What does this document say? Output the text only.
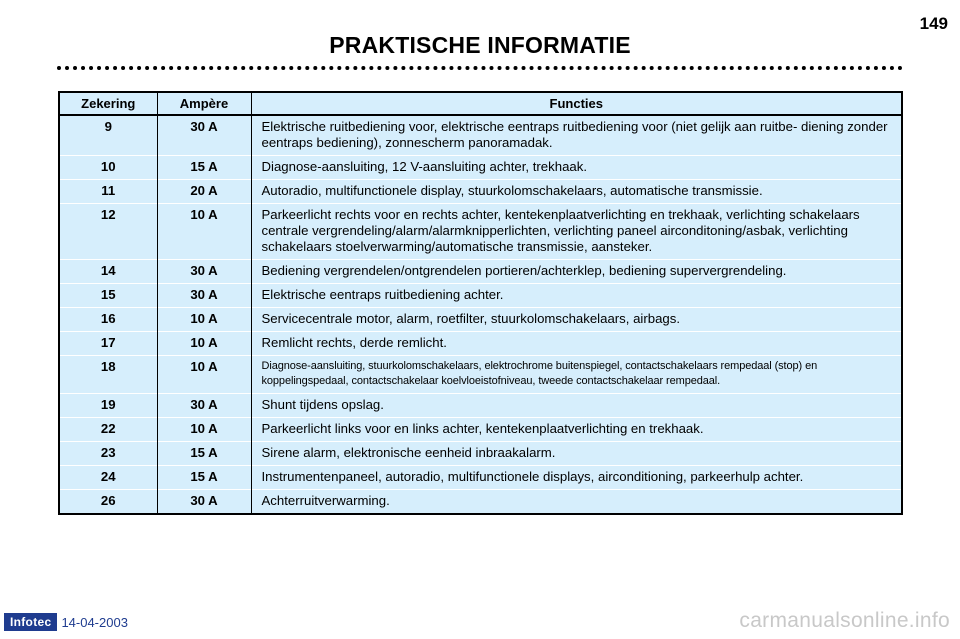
149
PRAKTISCHE INFORMATIE
Zekering	Ampère	Functies
9	30 A	Elektrische ruitbediening voor, elektrische eentraps ruitbediening voor (niet gelijk aan ruitbe- diening zonder eentraps bediening), zonnescherm panoramadak.
10	15 A	Diagnose-aansluiting, 12 V-aansluiting achter, trekhaak.
11	20 A	Autoradio, multifunctionele display, stuurkolomschakelaars, automatische transmissie.
12	10 A	Parkeerlicht rechts voor en rechts achter, kentekenplaatverlichting en trekhaak, verlichting schakelaars centrale vergrendeling/alarm/alarmknipperlichten, verlichting paneel airconditoning/asbak, verlichting schakelaars stoelverwarming/automatische transmissie, aansteker.
14	30 A	Bediening vergrendelen/ontgrendelen portieren/achterklep, bediening supervergrendeling.
15	30 A	Elektrische eentraps ruitbediening achter.
16	10 A	Servicecentrale motor, alarm, roetfilter, stuurkolomschakelaars, airbags.
17	10 A	Remlicht rechts, derde remlicht.
18	10 A	Diagnose-aansluiting, stuurkolomschakelaars, elektrochrome buitenspiegel, contactschakelaars rempedaal (stop) en koppelingspedaal, contactschakelaar koelvloeistofniveau, tweede contactschakelaar rempedaal.
19	30 A	Shunt tijdens opslag.
22	10 A	Parkeerlicht links voor en links achter, kentekenplaatverlichting en trekhaak.
23	15 A	Sirene alarm, elektronische eenheid inbraakalarm.
24	15 A	Instrumentenpaneel, autoradio, multifunctionele displays, airconditioning, parkeerhulp achter.
26	30 A	Achterruitverwarming.
Infotec 14-04-2003	carmanualsonline.info
